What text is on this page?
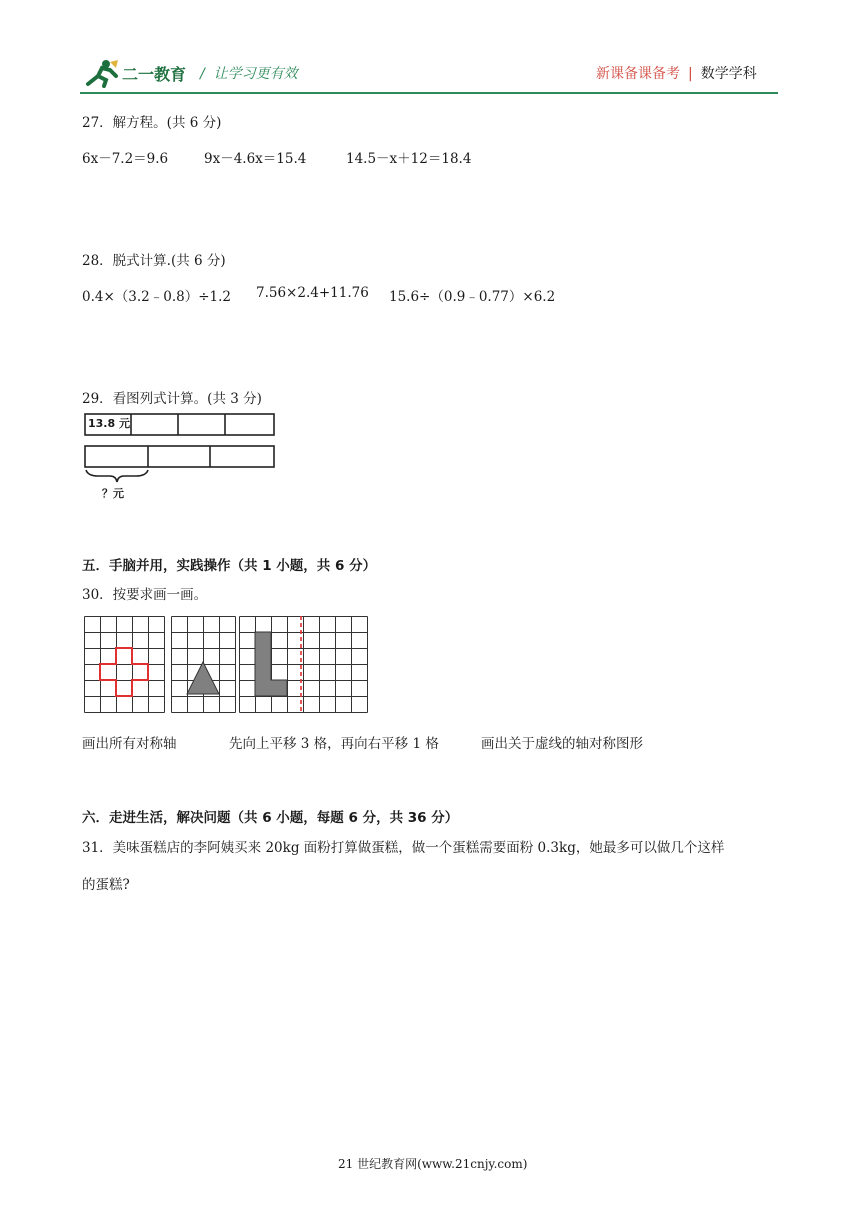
二一教育 /  让学习更有效	新课备课备考 | 数学学科
27．解方程。(共 6 分)
6x－7.2＝9.6	9x－4.6x＝15.4	14.5－x＋12＝18.4
28．脱式计算.(共 6 分)
0.4×（3.2﹣0.8）÷1.2 7.56×2.4+11.76 15.6÷（0.9﹣0.77）×6.2
29．看图列式计算。(共 3 分)
13.8 元
？元
五．手脑并用，实践操作（共 1 小题，共 6 分）
30．按要求画一画。
画出所有对称轴	先向上平移 3 格，再向右平移 1 格	画出关于虚线的轴对称图形
六．走进生活，解决问题（共 6 小题，每题 6 分，共 36 分）
31．美味蛋糕店的李阿姨买来 20kg 面粉打算做蛋糕，做一个蛋糕需要面粉 0.3kg，她最多可以做几个这样
的蛋糕?
21 世纪教育网(www.21cnjy.com)
